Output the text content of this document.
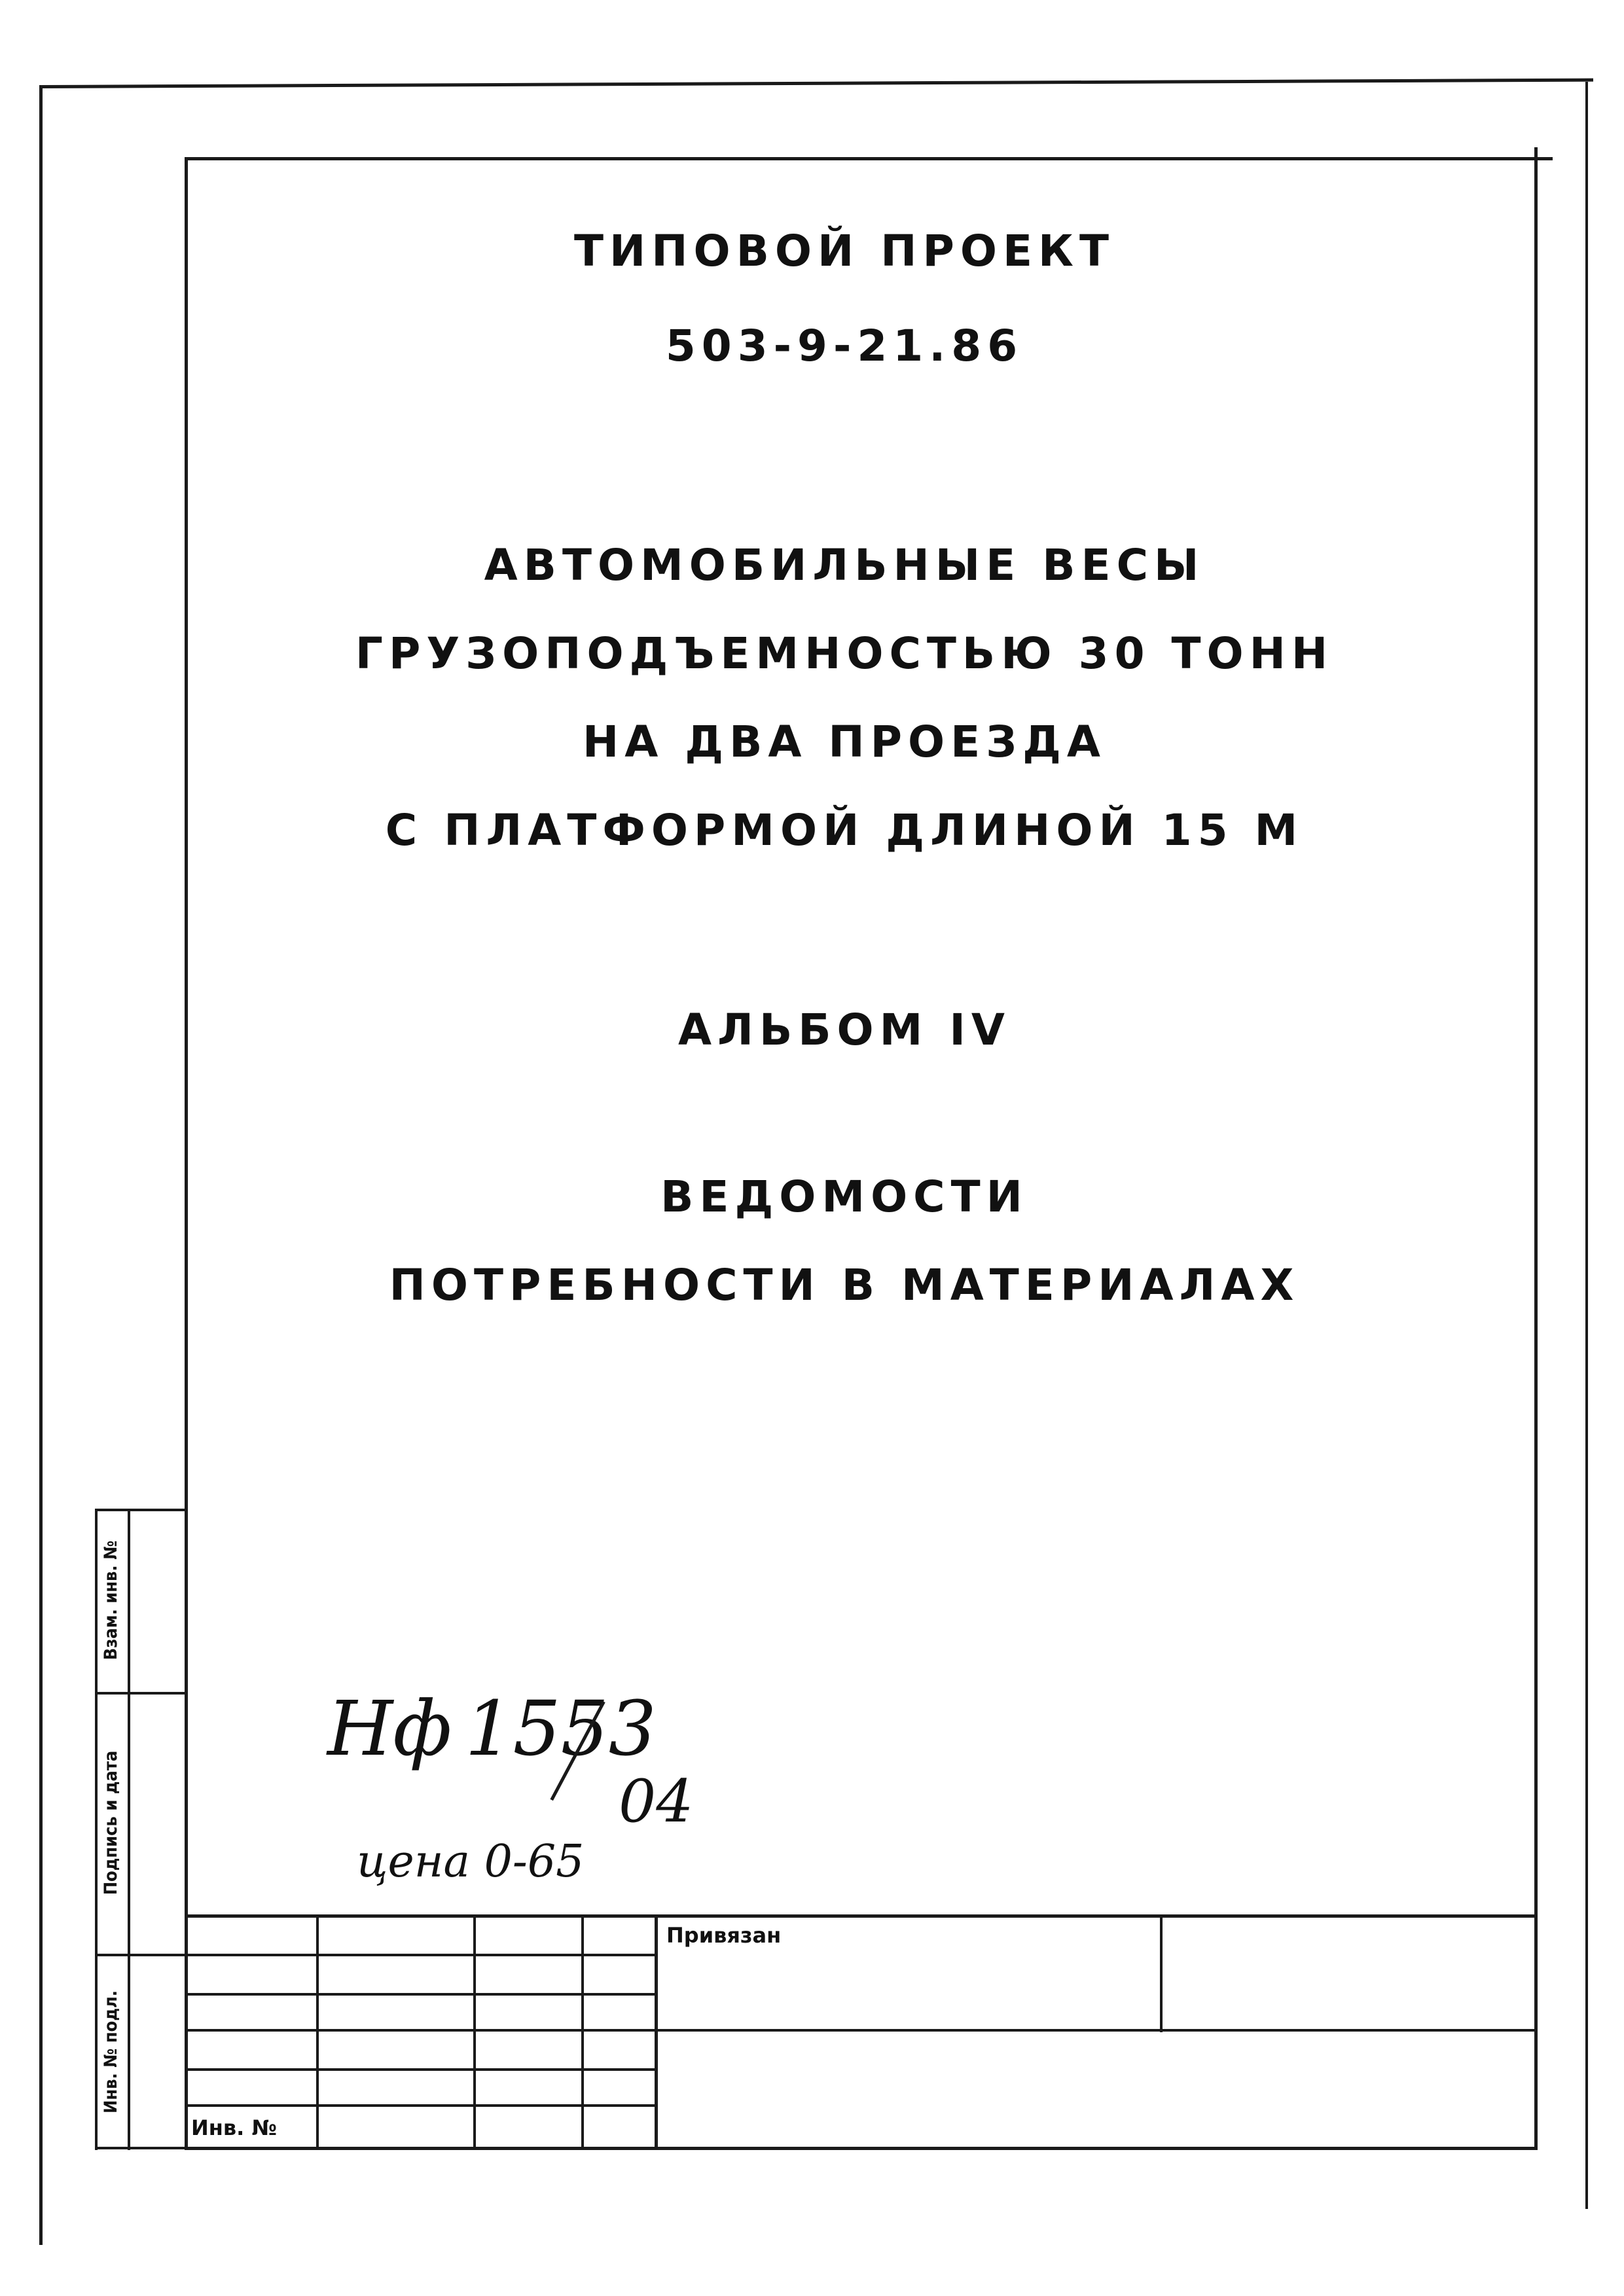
ТИПОВОЙ ПРОЕКТ
503-9-21.86
АВТОМОБИЛЬНЫЕ ВЕСЫ
ГРУЗОПОДЪЕМНОСТЬЮ 30 ТОНН
НА ДВА ПРОЕЗДА
С ПЛАТФОРМОЙ ДЛИНОЙ 15 М
АЛЬБОМ IV
ВЕДОМОСТИ
ПОТРЕБНОСТИ В МАТЕРИАЛАХ
Взам. инв. №
Подпись и дата
Инв. № подл.
Нф 1553
04
цена 0-65
Привязан
Инв. №
